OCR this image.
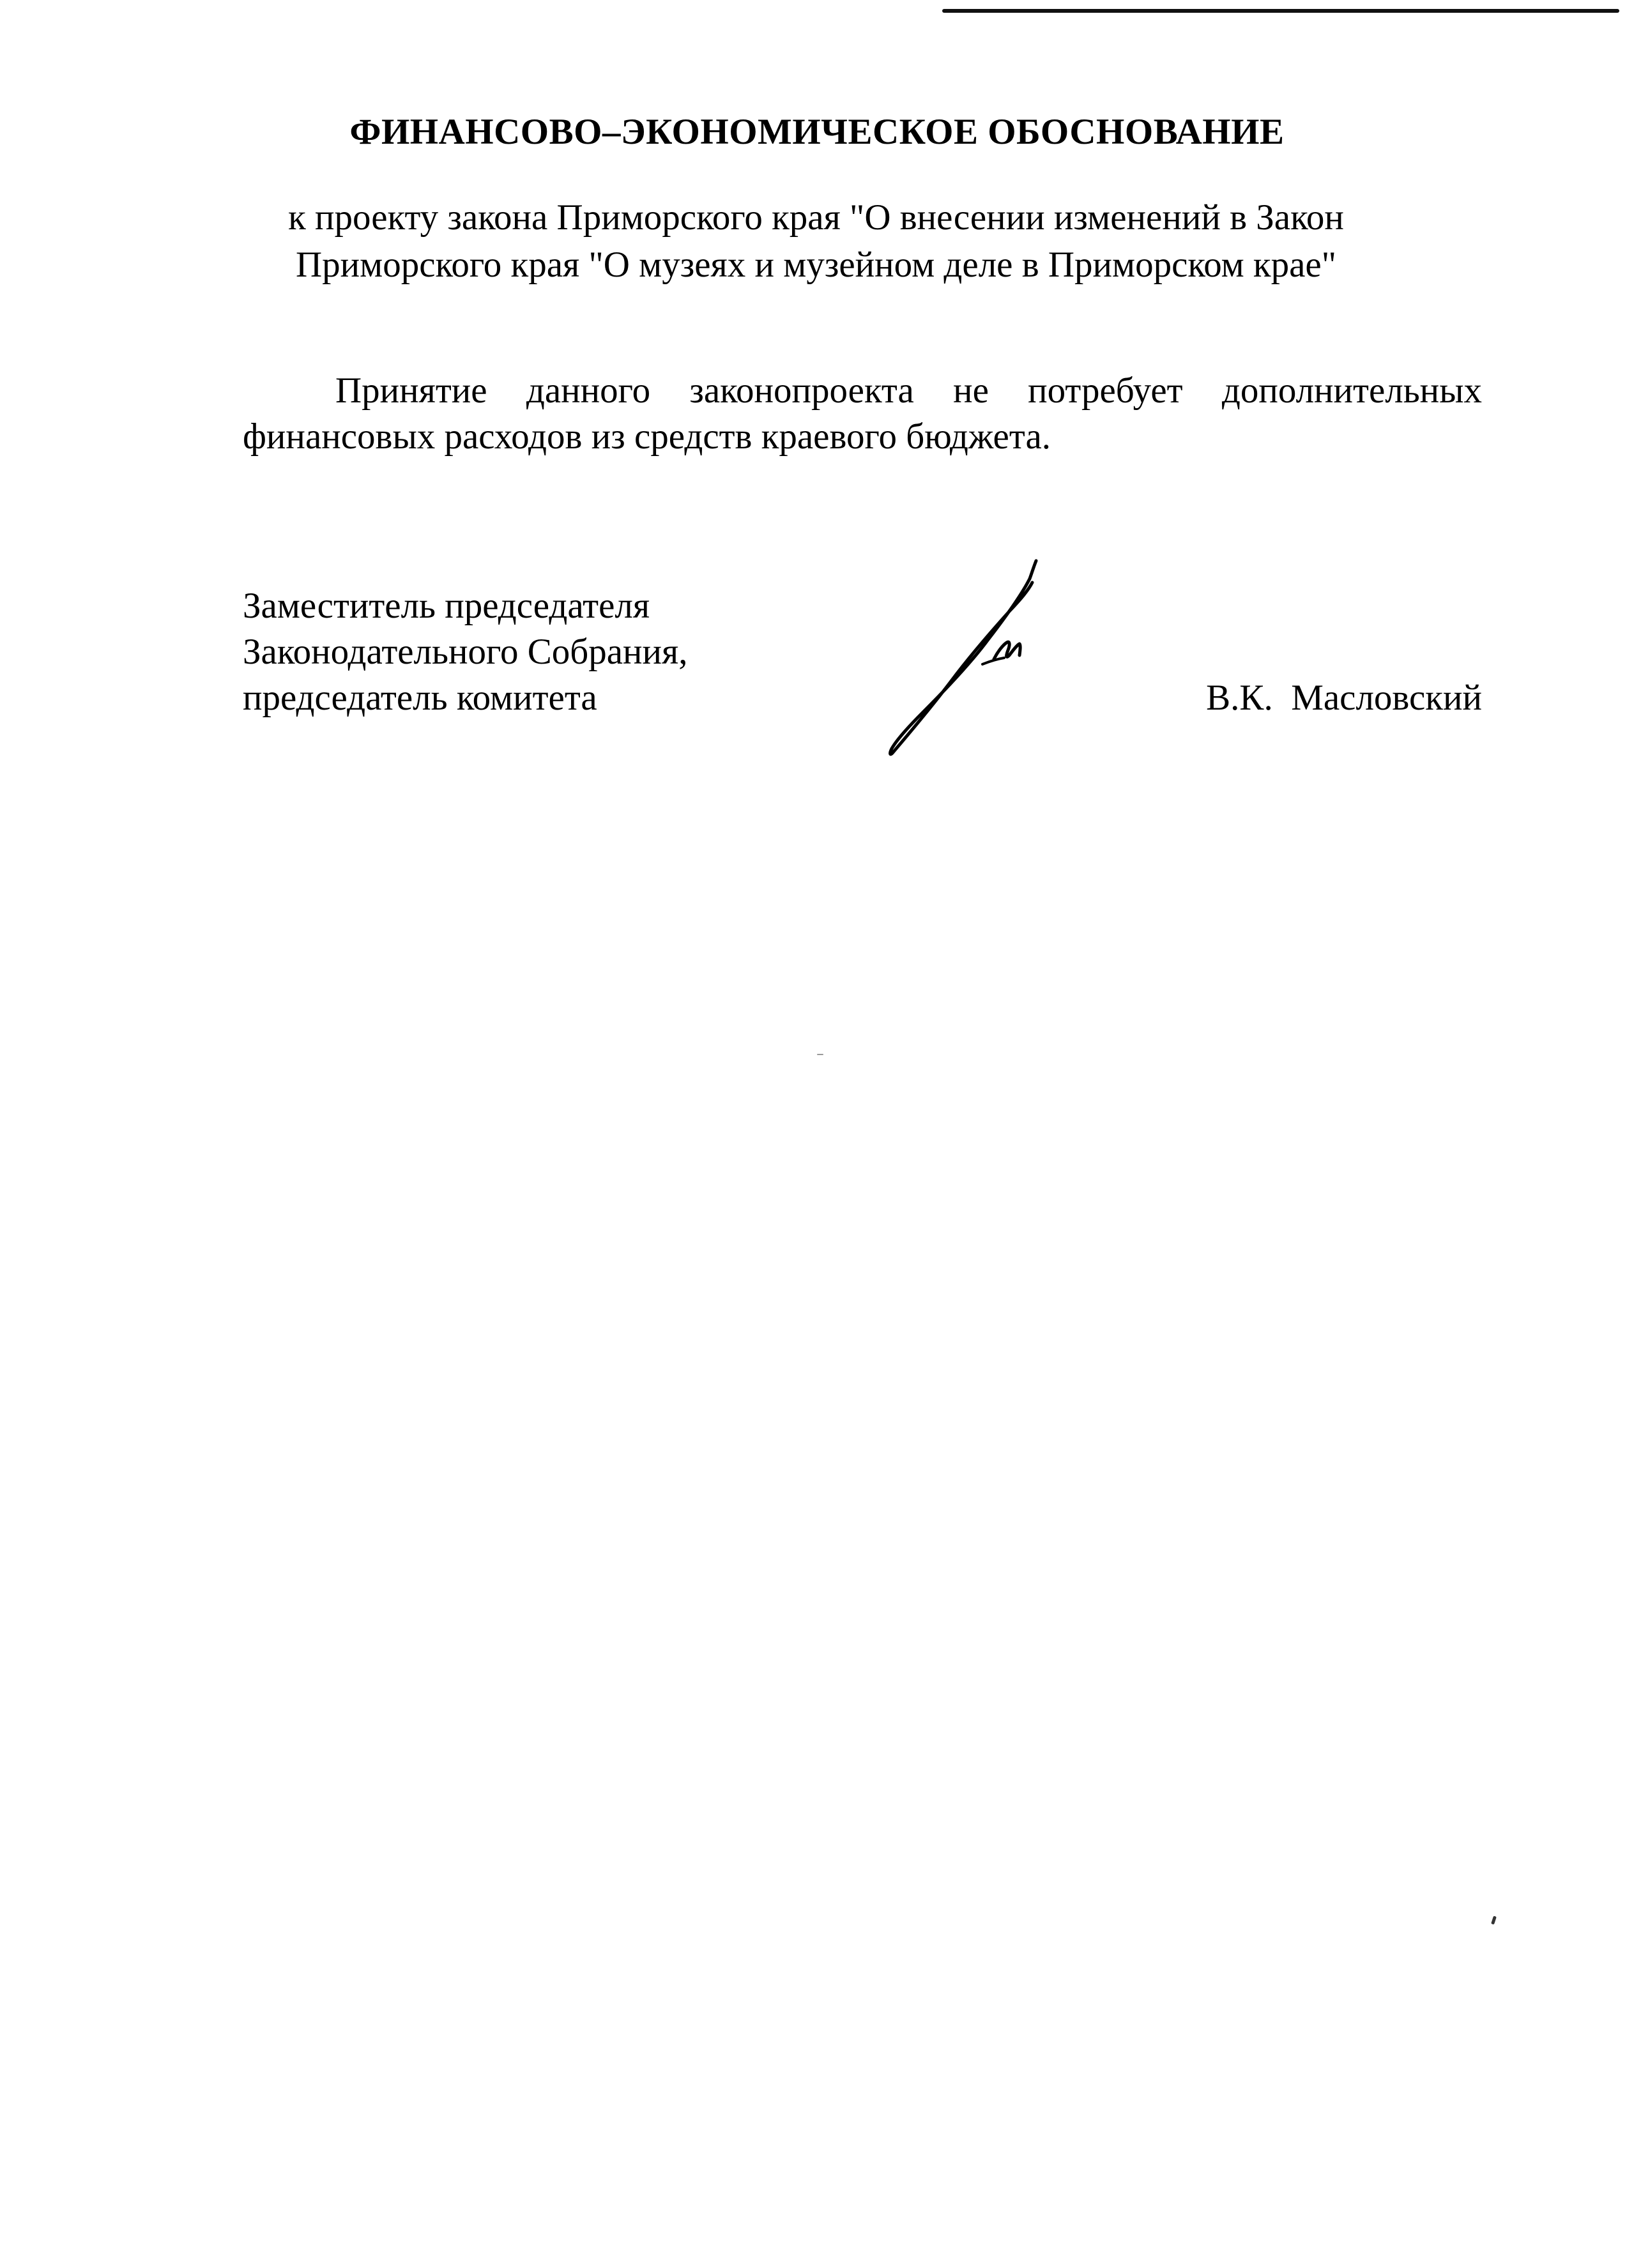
ФИНАНСОВО–ЭКОНОМИЧЕСКОЕ ОБОСНОВАНИЕ
к проекту закона Приморского края "О внесении изменений в Закон
Приморского края "О музеях и музейном деле в Приморском крае"
Принятие данного законопроекта не потребует дополнительных
финансовых расходов из средств краевого бюджета.
Заместитель председателя
Законодательного Собрания,
председатель комитета	В.К.  Масловский
